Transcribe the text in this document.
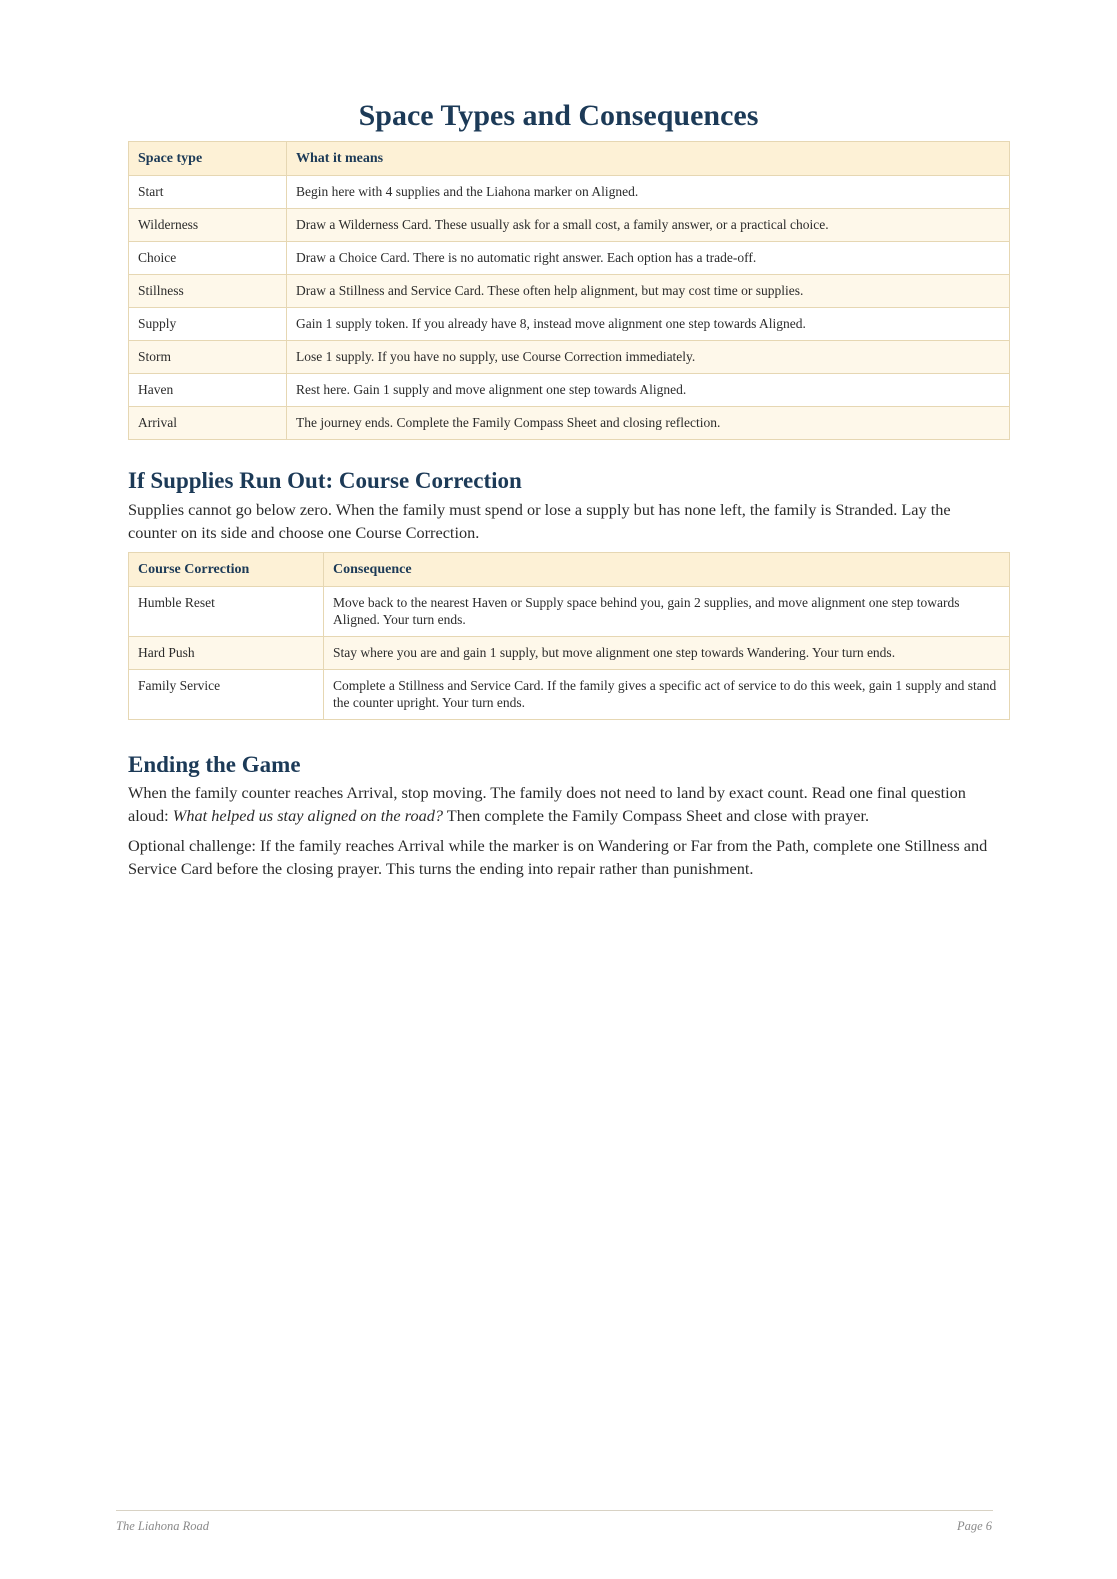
Space Types and Consequences
Space type	What it means
Start	Begin here with 4 supplies and the Liahona marker on Aligned.
Wilderness	Draw a Wilderness Card. These usually ask for a small cost, a family answer, or a practical choice.
Choice	Draw a Choice Card. There is no automatic right answer. Each option has a trade-off.
Stillness	Draw a Stillness and Service Card. These often help alignment, but may cost time or supplies.
Supply	Gain 1 supply token. If you already have 8, instead move alignment one step towards Aligned.
Storm	Lose 1 supply. If you have no supply, use Course Correction immediately.
Haven	Rest here. Gain 1 supply and move alignment one step towards Aligned.
Arrival	The journey ends. Complete the Family Compass Sheet and closing reflection.
If Supplies Run Out: Course Correction

Supplies cannot go below zero. When the family must spend or lose a supply but has none left, the family is Stranded. Lay the counter on its side and choose one Course Correction.

Course Correction	Consequence
Humble Reset	Move back to the nearest Haven or Supply space behind you, gain 2 supplies, and move alignment one step towards Aligned. Your turn ends.
Hard Push	Stay where you are and gain 1 supply, but move alignment one step towards Wandering. Your turn ends.
Family Service	Complete a Stillness and Service Card. If the family gives a specific act of service to do this week, gain 1 supply and stand the counter upright. Your turn ends.
Ending the Game

When the family counter reaches Arrival, stop moving. The family does not need to land by exact count. Read one final question aloud: What helped us stay aligned on the road? Then complete the Family Compass Sheet and close with prayer.

Optional challenge: If the family reaches Arrival while the marker is on Wandering or Far from the Path, complete one Stillness and Service Card before the closing prayer. This turns the ending into repair rather than punishment.

The Liahona Road	Page 6
